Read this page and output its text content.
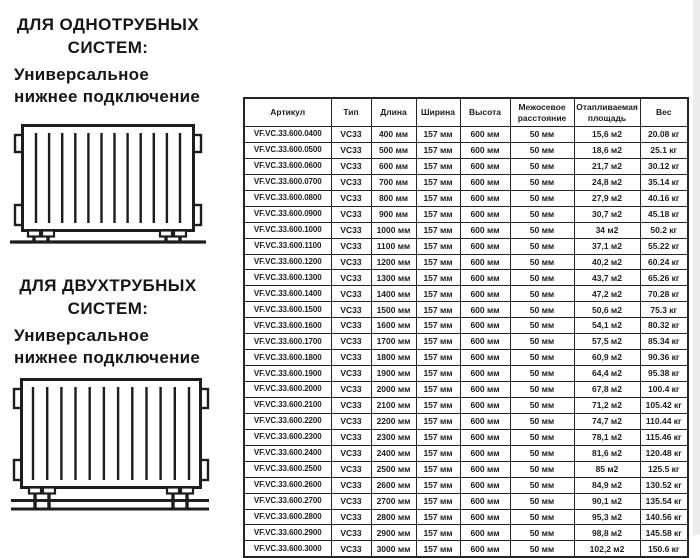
ДЛЯ ОДНОТРУБНЫХ
СИСТЕМ:
Универсальное
нижнее подключение
ДЛЯ ДВУХТРУБНЫХ
СИСТЕМ:
Универсальное
нижнее подключение
Артикул	Тип	Длина	Ширина	Высота	Межосевое расстояние	Отапливаемая площадь	Вес
VF.VC.33.600.0400	VC33	400 мм	157 мм	600 мм	50 мм	15,6 м2	20.08 кг
VF.VC.33.600.0500	VC33	500 мм	157 мм	600 мм	50 мм	18,6 м2	25.1 кг
VF.VC.33.600.0600	VC33	600 мм	157 мм	600 мм	50 мм	21,7 м2	30.12 кг
VF.VC.33.600.0700	VC33	700 мм	157 мм	600 мм	50 мм	24,8 м2	35.14 кг
VF.VC.33.600.0800	VC33	800 мм	157 мм	600 мм	50 мм	27,9 м2	40.16 кг
VF.VC.33.600.0900	VC33	900 мм	157 мм	600 мм	50 мм	30,7 м2	45.18 кг
VF.VC.33.600.1000	VC33	1000 мм	157 мм	600 мм	50 мм	34 м2	50.2 кг
VF.VC.33.600.1100	VC33	1100 мм	157 мм	600 мм	50 мм	37,1 м2	55.22 кг
VF.VC.33.600.1200	VC33	1200 мм	157 мм	600 мм	50 мм	40,2 м2	60.24 кг
VF.VC.33.600.1300	VC33	1300 мм	157 мм	600 мм	50 мм	43,7 м2	65.26 кг
VF.VC.33.600.1400	VC33	1400 мм	157 мм	600 мм	50 мм	47,2 м2	70.28 кг
VF.VC.33.600.1500	VC33	1500 мм	157 мм	600 мм	50 мм	50,6 м2	75.3 кг
VF.VC.33.600.1600	VC33	1600 мм	157 мм	600 мм	50 мм	54,1 м2	80.32 кг
VF.VC.33.600.1700	VC33	1700 мм	157 мм	600 мм	50 мм	57,5 м2	85.34 кг
VF.VC.33.600.1800	VC33	1800 мм	157 мм	600 мм	50 мм	60,9 м2	90.36 кг
VF.VC.33.600.1900	VC33	1900 мм	157 мм	600 мм	50 мм	64,4 м2	95.38 кг
VF.VC.33.600.2000	VC33	2000 мм	157 мм	600 мм	50 мм	67,8 м2	100.4 кг
VF.VC.33.600.2100	VC33	2100 мм	157 мм	600 мм	50 мм	71,2 м2	105.42 кг
VF.VC.33.600.2200	VC33	2200 мм	157 мм	600 мм	50 мм	74,7 м2	110.44 кг
VF.VC.33.600.2300	VC33	2300 мм	157 мм	600 мм	50 мм	78,1 м2	115.46 кг
VF.VC.33.600.2400	VC33	2400 мм	157 мм	600 мм	50 мм	81,6 м2	120.48 кг
VF.VC.33.600.2500	VC33	2500 мм	157 мм	600 мм	50 мм	85 м2	125.5 кг
VF.VC.33.600.2600	VC33	2600 мм	157 мм	600 мм	50 мм	84,9 м2	130.52 кг
VF.VC.33.600.2700	VC33	2700 мм	157 мм	600 мм	50 мм	90,1 м2	135.54 кг
VF.VC.33.600.2800	VC33	2800 мм	157 мм	600 мм	50 мм	95,3 м2	140.56 кг
VF.VC.33.600.2900	VC33	2900 мм	157 мм	600 мм	50 мм	98,8 м2	145.58 кг
VF.VC.33.600.3000	VC33	3000 мм	157 мм	600 мм	50 мм	102,2 м2	150.6 кг
